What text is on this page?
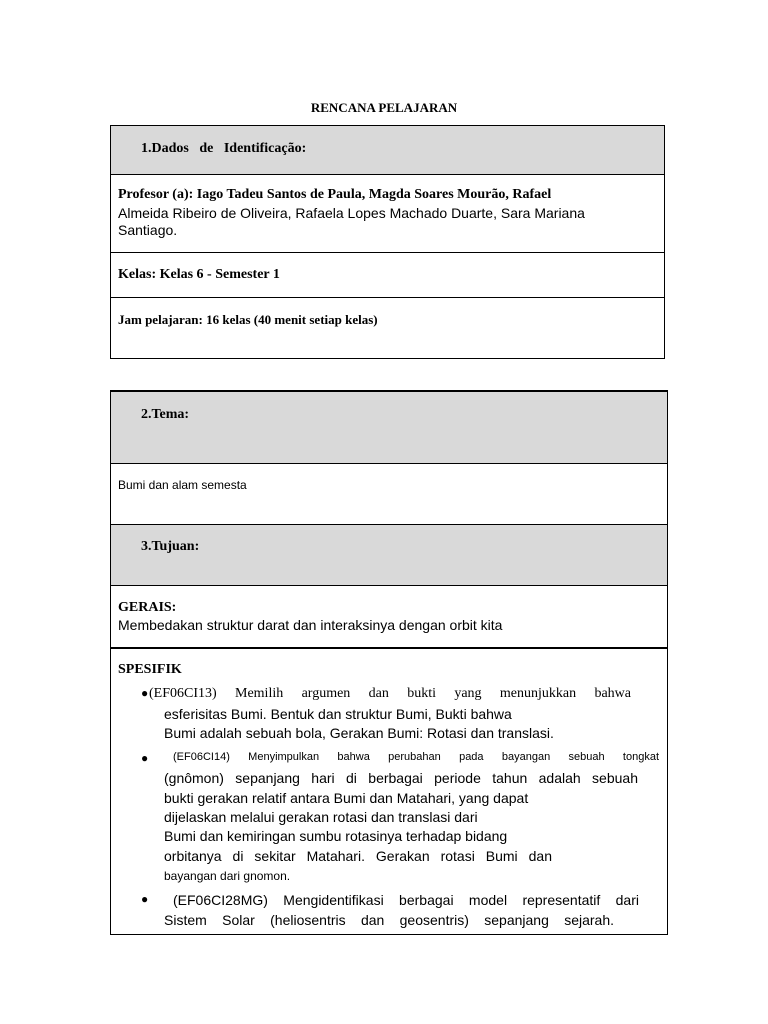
RENCANA PELAJARAN
1.Dados   de   Identificação:
Profesor (a): Iago Tadeu Santos de Paula, Magda Soares Mourão, Rafael
Almeida Ribeiro de Oliveira, Rafaela Lopes Machado Duarte, Sara Mariana
Santiago.
Kelas: Kelas 6 - Semester 1
Jam pelajaran: 16 kelas (40 menit setiap kelas)
2.Tema:
Bumi dan alam semesta
3.Tujuan:
GERAIS:
Membedakan struktur darat dan interaksinya dengan orbit kita
SPESIFIK
● (EF06CI13)  Memilih  argumen  dan  bukti  yang  menunjukkan  bahwa
esferisitas Bumi. Bentuk dan struktur Bumi, Bukti bahwa
Bumi adalah sebuah bola, Gerakan Bumi: Rotasi dan translasi.
● (EF06CI14)  Menyimpulkan  bahwa  perubahan  pada  bayangan  sebuah  tongkat
(gnômon)  sepanjang  hari  di  berbagai  periode  tahun  adalah  sebuah
bukti gerakan relatif antara Bumi dan Matahari, yang dapat
dijelaskan melalui gerakan rotasi dan translasi dari
Bumi dan kemiringan sumbu rotasinya terhadap bidang
orbitanya  di  sekitar  Matahari.  Gerakan  rotasi  Bumi  dan
bayangan dari gnomon.
● (EF06CI28MG)  Mengidentifikasi  berbagai  model  representatif  dari
Sistem  Solar  (heliosentris  dan  geosentris)  sepanjang  sejarah.
